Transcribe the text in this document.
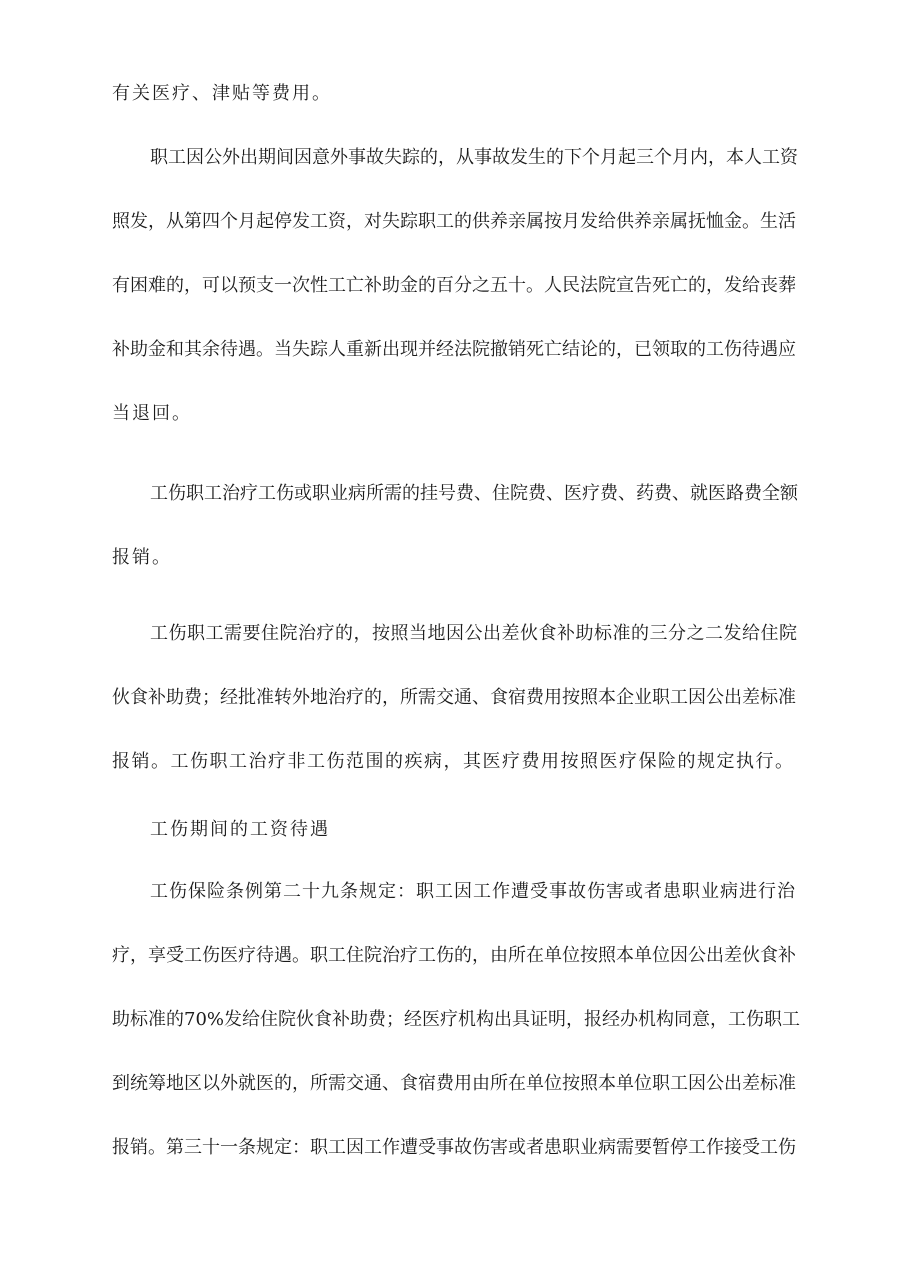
有关医疗、津贴等费用。
职工因公外出期间因意外事故失踪的，从事故发生的下个月起三个月内，本人工资
照发，从第四个月起停发工资，对失踪职工的供养亲属按月发给供养亲属抚恤金。生活
有困难的，可以预支一次性工亡补助金的百分之五十。人民法院宣告死亡的，发给丧葬
补助金和其余待遇。当失踪人重新出现并经法院撤销死亡结论的，已领取的工伤待遇应
当退回。
工伤职工治疗工伤或职业病所需的挂号费、住院费、医疗费、药费、就医路费全额
报销。
工伤职工需要住院治疗的，按照当地因公出差伙食补助标准的三分之二发给住院
伙食补助费；经批准转外地治疗的，所需交通、食宿费用按照本企业职工因公出差标准
报销。工伤职工治疗非工伤范围的疾病，其医疗费用按照医疗保险的规定执行。
工伤期间的工资待遇
工伤保险条例第二十九条规定：职工因工作遭受事故伤害或者患职业病进行治
疗，享受工伤医疗待遇。职工住院治疗工伤的，由所在单位按照本单位因公出差伙食补
助标准的70%发给住院伙食补助费；经医疗机构出具证明，报经办机构同意，工伤职工
到统筹地区以外就医的，所需交通、食宿费用由所在单位按照本单位职工因公出差标准
报销。第三十一条规定：职工因工作遭受事故伤害或者患职业病需要暂停工作接受工伤
